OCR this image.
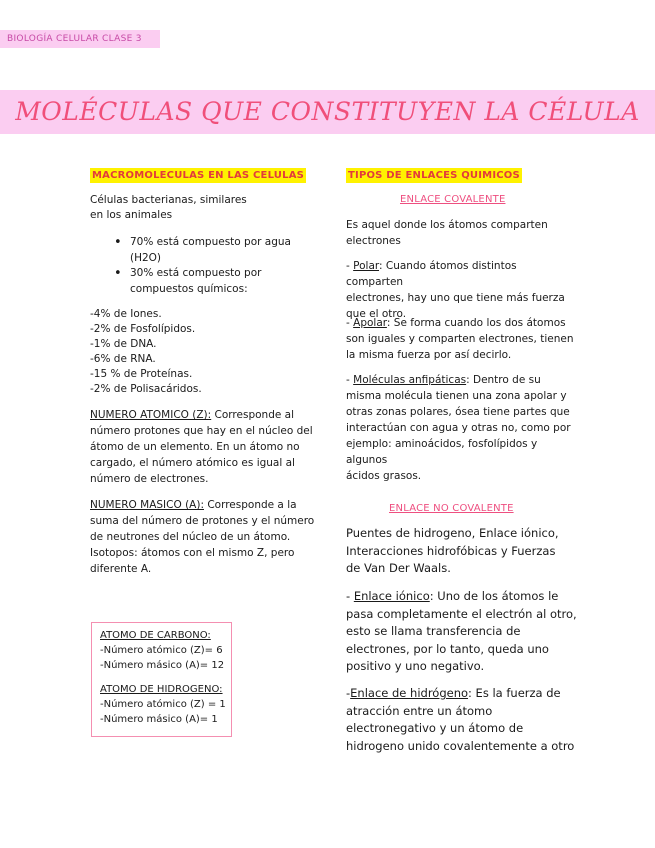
BIOLOGÍA CELULAR CLASE 3
MOLÉCULAS QUE CONSTITUYEN LA CÉLULA
MACROMOLECULAS EN LAS CELULAS
Células bacterianas, similares
en los animales
• 70% está compuesto por agua
(H2O)
• 30% está compuesto por
compuestos químicos:
-4% de Iones.
-2% de Fosfolípidos.
-1% de DNA.
-6% de RNA.
-15 % de Proteínas.
-2% de Polisacáridos.
NUMERO ATOMICO (Z): Corresponde al
número protones que hay en el núcleo del
átomo de un elemento. En un átomo no
cargado, el número atómico es igual al
número de electrones.
NUMERO MASICO (A): Corresponde a la
suma del número de protones y el número
de neutrones del núcleo de un átomo.
Isotopos: átomos con el mismo Z, pero
diferente A.
ATOMO DE CARBONO:
-Número atómico (Z)= 6
-Número másico (A)= 12
ATOMO DE HIDROGENO:
-Número atómico (Z) = 1
-Número másico (A)= 1
TIPOS DE ENLACES QUIMICOS
ENLACE COVALENTE
Es aquel donde los átomos comparten
electrones
- Polar: Cuando átomos distintos comparten
electrones, hay uno que tiene más fuerza
que el otro.
- Apolar: Se forma cuando los dos átomos
son iguales y comparten electrones, tienen
la misma fuerza por así decirlo.
- Moléculas anfipáticas: Dentro de su
misma molécula tienen una zona apolar y
otras zonas polares, ósea tiene partes que
interactúan con agua y otras no, como por
ejemplo: aminoácidos, fosfolípidos y algunos
ácidos grasos.
ENLACE NO COVALENTE
Puentes de hidrogeno, Enlace iónico,
Interacciones hidrofóbicas y Fuerzas
de Van Der Waals.
- Enlace iónico: Uno de los átomos le
pasa completamente el electrón al otro,
esto se llama transferencia de
electrones, por lo tanto, queda uno
positivo y uno negativo.
-Enlace de hidrógeno: Es la fuerza de
atracción entre un átomo
electronegativo y un átomo de
hidrogeno unido covalentemente a otro
